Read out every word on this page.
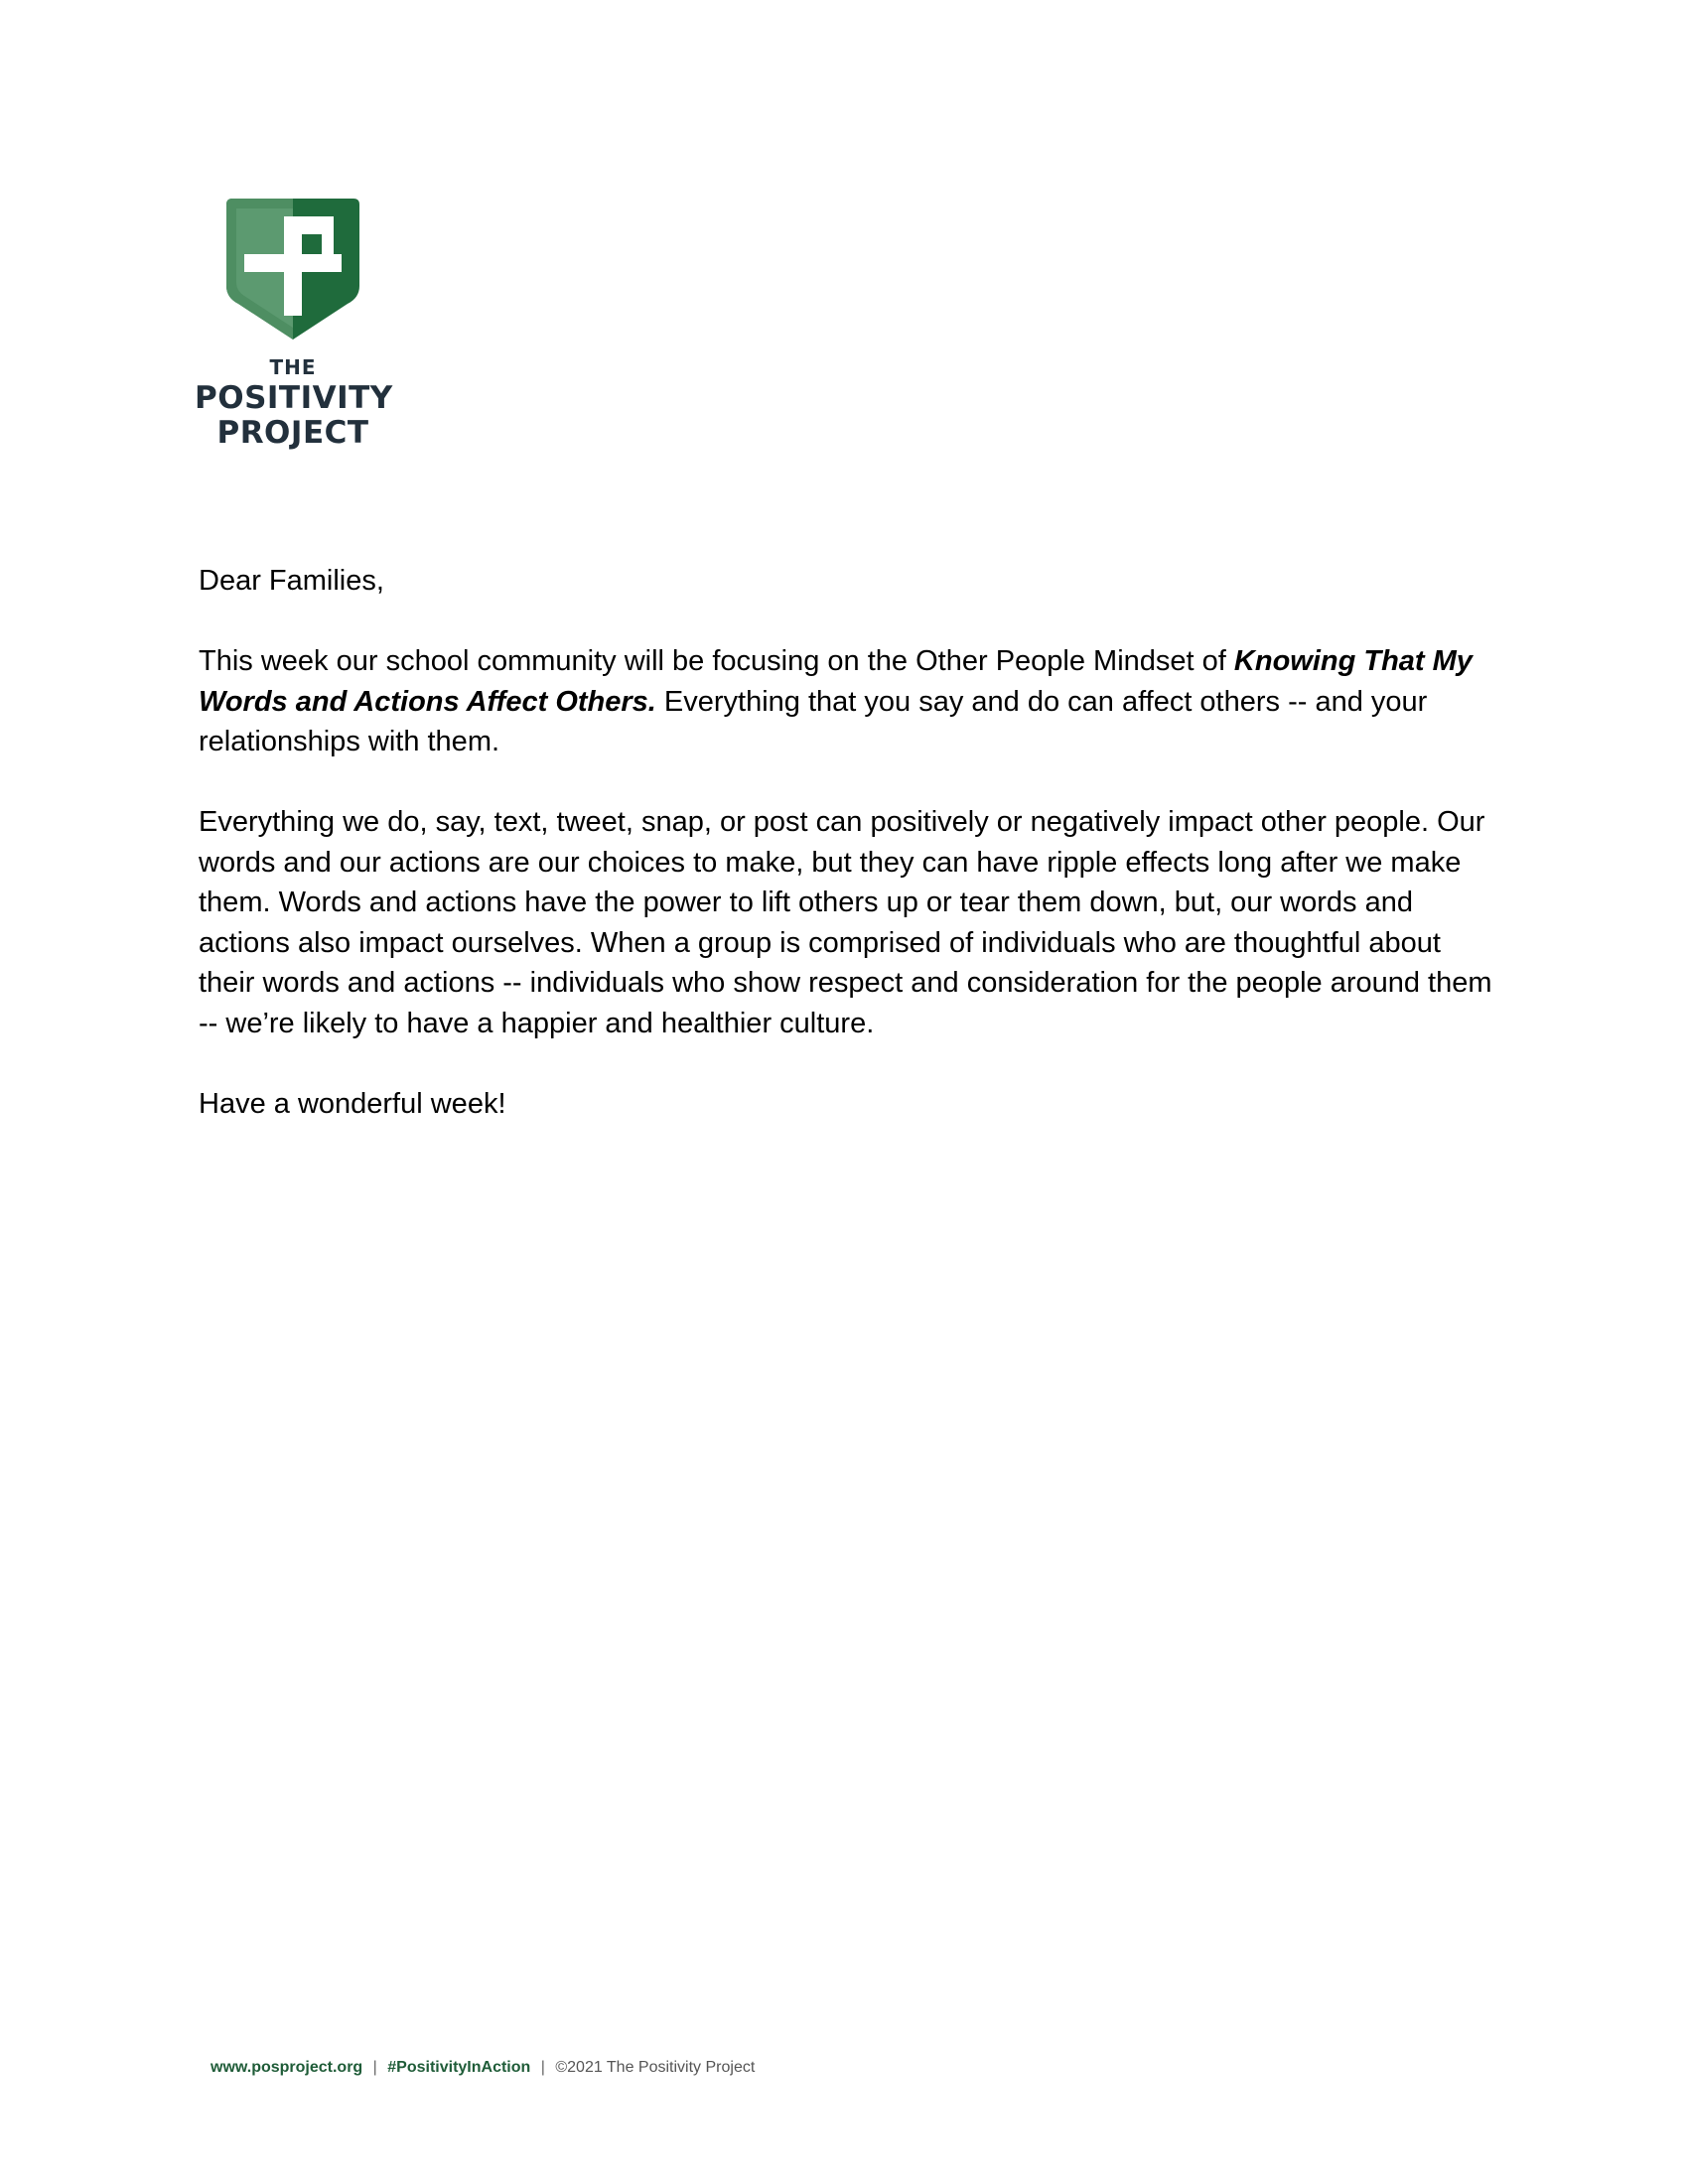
THE
POSITIVITY
PROJECT

Dear Families,

This week our school community will be focusing on the Other People Mindset of Knowing That My Words and Actions Affect Others. Everything that you say and do can affect others -- and your relationships with them.

Everything we do, say, text, tweet, snap, or post can positively or negatively impact other people. Our words and our actions are our choices to make, but they can have ripple effects long after we make them. Words and actions have the power to lift others up or tear them down, but, our words and actions also impact ourselves. When a group is comprised of individuals who are thoughtful about their words and actions -- individuals who show respect and consideration for the people around them -- we’re likely to have a happier and healthier culture.

Have a wonderful week!

www.posproject.org | #PositivityInAction | ©2021 The Positivity Project
